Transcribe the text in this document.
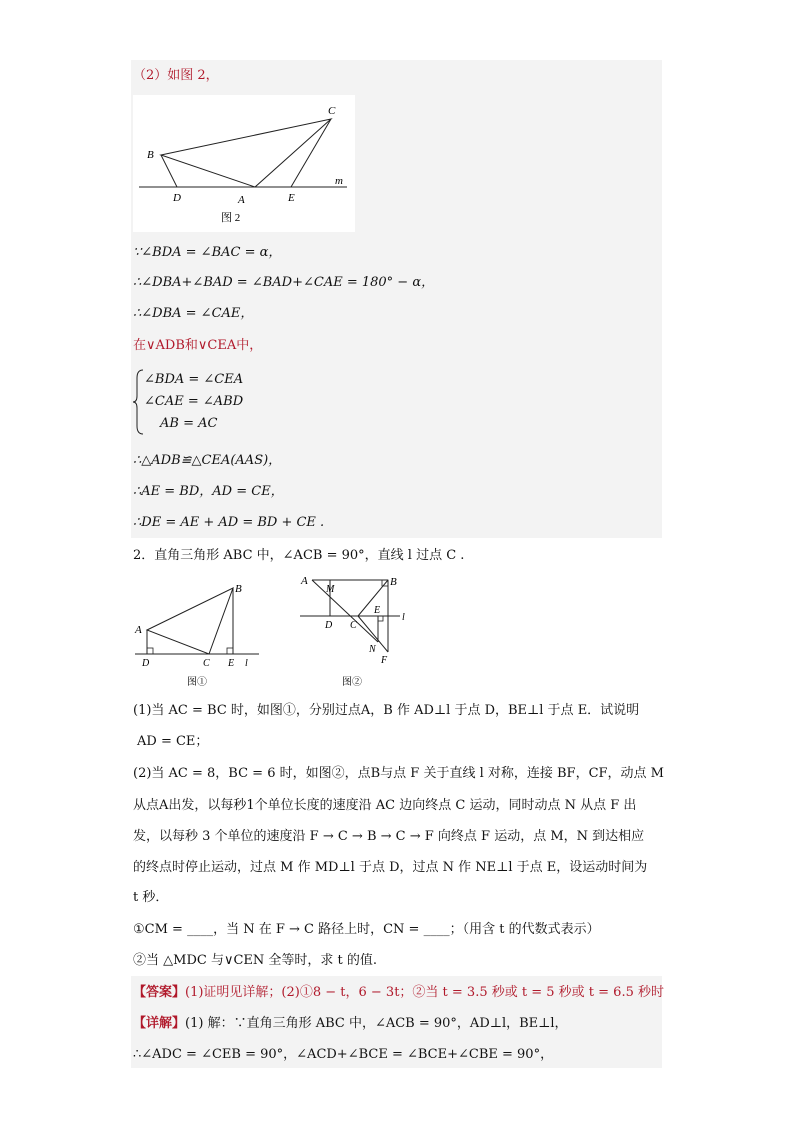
（2）如图 2，
C
B
m
D	A	E
图 2
∵∠BDA = ∠BAC = α，
∴∠DBA+∠BAD = ∠BAD+∠CAE = 180° − α，
∴∠DBA = ∠CAE，
在∨ADB和∨CEA中，
∠BDA = ∠CEA
∠CAE = ∠ABD
AB = AC
∴△ADB≌△CEA(AAS)，
∴AE = BD，AD = CE，
∴DE = AE + AD = BD + CE .
2．直角三角形 ABC 中，∠ACB = 90°，直线 l 过点 C .
B
A
D	C E l
图①
A
M
B
E
l
D C
N
F
图②
(1)当 AC = BC 时，如图①，分别过点A，B 作 AD⊥l 于点 D，BE⊥l 于点 E．试说明
AD = CE；
(2)当 AC = 8，BC = 6 时，如图②，点B与点 F 关于直线 l 对称，连接 BF，CF，动点 M
从点A出发，以每秒1个单位长度的速度沿 AC 边向终点 C 运动，同时动点 N 从点 F 出
发，以每秒 3 个单位的速度沿 F → C → B → C → F 向终点 F 运动，点 M，N 到达相应
的终点时停止运动，过点 M 作 MD⊥l 于点 D，过点 N 作 NE⊥l 于点 E，设运动时间为
t 秒．
①CM = ____，当 N 在 F → C 路径上时，CN = ____；（用含 t 的代数式表示）
②当 △MDC 与∨CEN 全等时，求 t 的值.
【答案】(1)证明见详解；(2)①8 − t，6 − 3t；②当 t = 3.5 秒或 t = 5 秒或 t = 6.5 秒时
【详解】(1) 解：∵直角三角形 ABC 中，∠ACB = 90°，AD⊥l，BE⊥l，
∴∠ADC = ∠CEB = 90°，∠ACD+∠BCE = ∠BCE+∠CBE = 90°，
